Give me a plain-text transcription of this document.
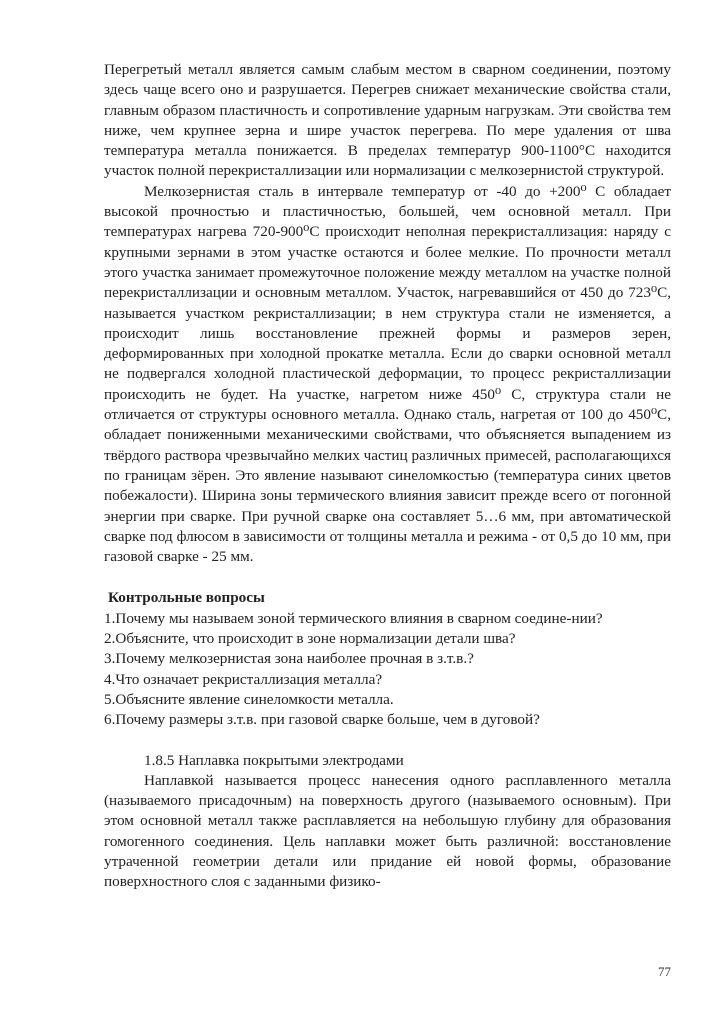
Перегретый металл является самым слабым местом в сварном соединении, поэтому здесь чаще всего оно и разрушается. Перегрев снижает механические свойства стали, главным образом пластичность и сопротивление ударным нагрузкам. Эти свойства тем ниже, чем крупнее зерна и шире участок перегрева. По мере удаления от шва температура металла понижается. В пределах температур 900-1100°С находится участок полной перекристаллизации или нормализации с мелкозернистой структурой.

Мелкозернистая сталь в интервале температур от -40 до +200⁰ С обладает высокой прочностью и пластичностью, большей, чем основной металл. При температурах нагрева 720-900⁰С происходит неполная перекристаллизация: наряду с крупными зернами в этом участке остаются и более мелкие. По прочности металл этого участка занимает промежуточное положение между металлом на участке полной перекристаллизации и основным металлом. Участок, нагревавшийся от 450 до 723⁰С, называется участком рекристаллизации; в нем структура стали не изменяется, а происходит лишь восстановление прежней формы и размеров зерен, деформированных при холодной прокатке металла. Если до сварки основной металл не подвергался холодной пластической деформации, то процесс рекристаллизации происходить не будет. На участке, нагретом ниже 450⁰ С, структура стали не отличается от структуры основного металла. Однако сталь, нагретая от 100 до 450⁰С, обладает пониженными механическими свойствами, что объясняется выпадением из твёрдого раствора чрезвычайно мелких частиц различных примесей, располагающихся по границам зёрен. Это явление называют синеломкостью (температура синих цветов побежалости). Ширина зоны термического влияния зависит прежде всего от погонной энергии при сварке. При ручной сварке она составляет 5…6 мм, при автоматической сварке под флюсом в зависимости от толщины металла и режима - от 0,5 до 10 мм, при газовой сварке - 25 мм.

Контрольные вопросы

1.Почему мы называем зоной термического влияния в сварном соедине-нии?
2.Объясните, что происходит в зоне нормализации детали шва?
3.Почему мелкозернистая зона наиболее прочная в з.т.в.?
4.Что означает рекристаллизация металла?
5.Объясните явление синеломкости металла.
6.Почему размеры з.т.в. при газовой сварке больше, чем в дуговой?

1.8.5 Наплавка покрытыми электродами

Наплавкой называется процесс нанесения одного расплавленного металла (называемого присадочным) на поверхность другого (называемого основным). При этом основной металл также расплавляется на небольшую глубину для образования гомогенного соединения. Цель наплавки может быть различной: восстановление утраченной геометрии детали или придание ей новой формы, образование поверхностного слоя с заданными физико-

77
